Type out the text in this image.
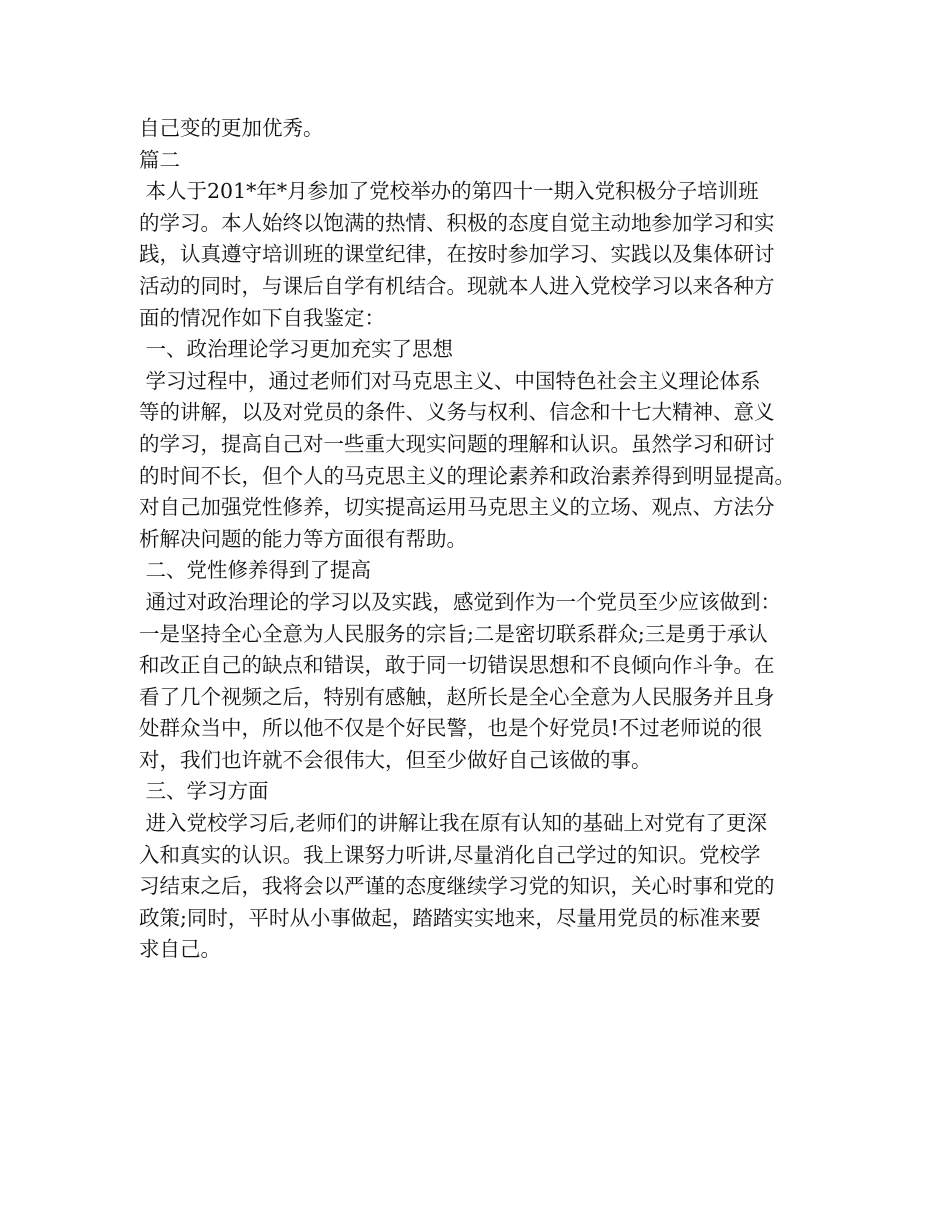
自己变的更加优秀。
篇二
本人于201*年*月参加了党校举办的第四十一期入党积极分子培训班
的学习。本人始终以饱满的热情、积极的态度自觉主动地参加学习和实
践，认真遵守培训班的课堂纪律，在按时参加学习、实践以及集体研讨
活动的同时，与课后自学有机结合。现就本人进入党校学习以来各种方
面的情况作如下自我鉴定：
一、政治理论学习更加充实了思想
学习过程中，通过老师们对马克思主义、中国特色社会主义理论体系
等的讲解，以及对党员的条件、义务与权利、信念和十七大精神、意义
的学习，提高自己对一些重大现实问题的理解和认识。虽然学习和研讨
的时间不长，但个人的马克思主义的理论素养和政治素养得到明显提高。
对自己加强党性修养，切实提高运用马克思主义的立场、观点、方法分
析解决问题的能力等方面很有帮助。
二、党性修养得到了提高
通过对政治理论的学习以及实践，感觉到作为一个党员至少应该做到：
一是坚持全心全意为人民服务的宗旨;二是密切联系群众;三是勇于承认
和改正自己的缺点和错误，敢于同一切错误思想和不良倾向作斗争。在
看了几个视频之后，特别有感触，赵所长是全心全意为人民服务并且身
处群众当中，所以他不仅是个好民警，也是个好党员!不过老师说的很
对，我们也许就不会很伟大，但至少做好自己该做的事。
三、学习方面
进入党校学习后,老师们的讲解让我在原有认知的基础上对党有了更深
入和真实的认识。我上课努力听讲,尽量消化自己学过的知识。党校学
习结束之后，我将会以严谨的态度继续学习党的知识，关心时事和党的
政策;同时，平时从小事做起，踏踏实实地来，尽量用党员的标准来要
求自己。
